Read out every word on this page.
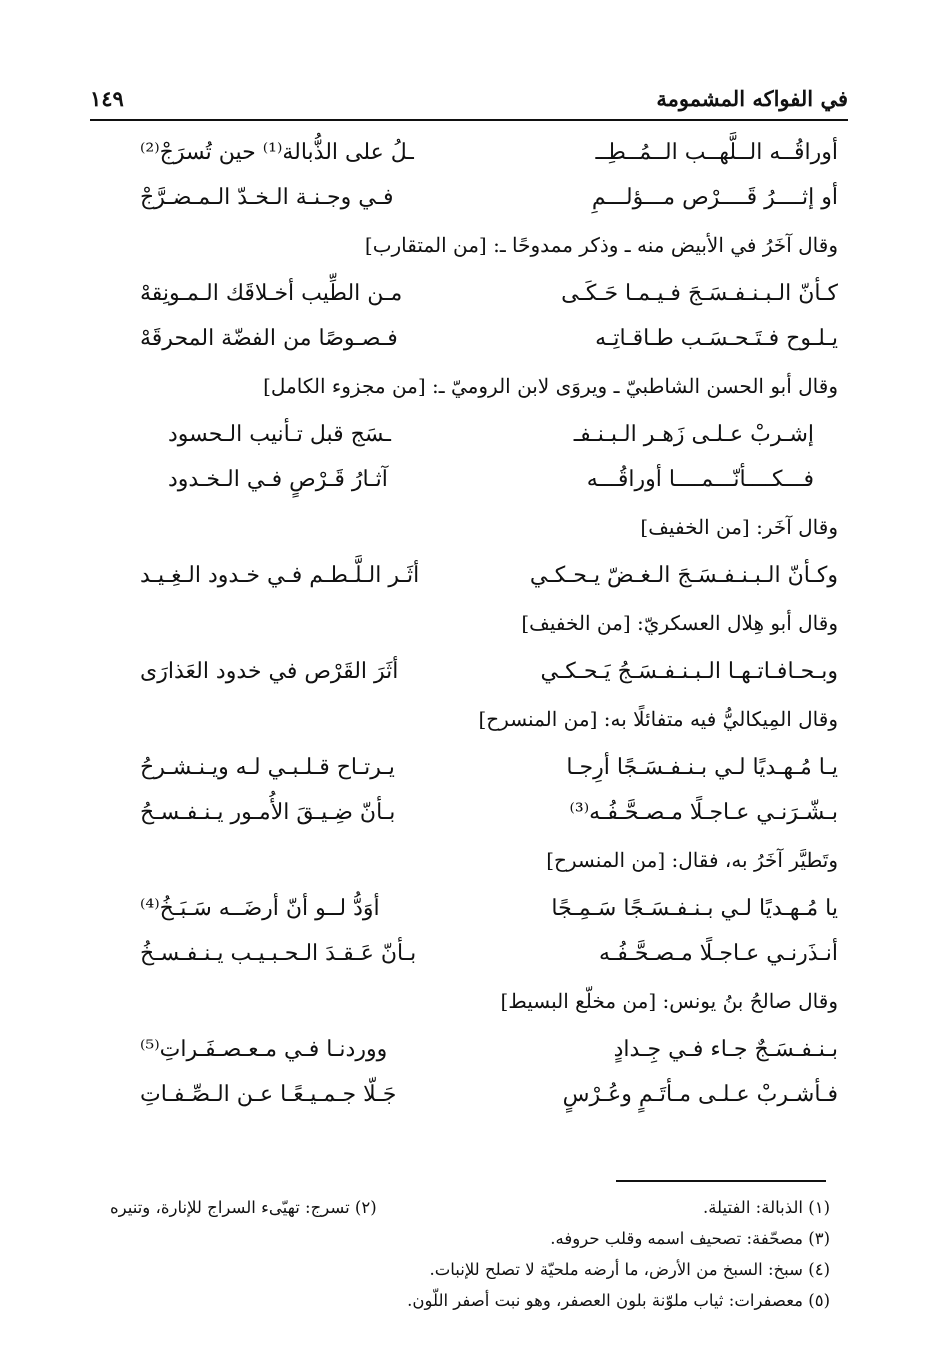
في الفواكه المشمومة
١٤٩
أوراقُــه الــلَّهــب الــمُــطِــ
ـلُ على الذُّبالة⁽¹⁾ حين تُسرَجْ⁽²⁾
أو إثــــرُ قَــــرْص مـــؤلـــمِ
فـي وجـنـة الـخـدّ الـمـضـرَّجْ
وقال آخَرُ في الأبيض منه ـ وذكر ممدوحًا ـ: [من المتقارب]
كـأنّ الـبـنـفـسَـجَ فـيـمـا حَـكَـى
مـن الطِّيب أخـلاقَك الـمـونِقهْ
يـلـوح فـتَـحـسَـب طـاقـاتِـه
فـصـوصًا من الفضّة المحرقَهْ
وقال أبو الحسن الشاطبيّ ـ ويروَى لابن الروميّ ـ: [من مجزوء الكامل]
إشـربْ عـلـى زَهـر الـبـنـفـ
ـسَج قبل تـأنيب الـحسود
فـــكــــأنّـــمــــا أوراقُـــه
آثـارُ قَـرْصٍ فـي الـخـدود
وقال آخَر: [من الخفيف]
وكـأنّ الـبـنـفـسَـجَ الـغـضّ يـحـكـي
أثَـر الـلَّـطـم فـي خـدود الـغِـيـد
وقال أبو هِلال العسكريّ: [من الخفيف]
وبـحـافـاتـهـا الـبـنـفـسَـجُ يَـحـكـي
أثَرَ القَرْص في خدود العَذارَى
وقال المِيكاليُّ فيه متفائلًا به: [من المنسرح]
يـا مُـهـديًا لـي بـنـفـسَـجًا أرِجـا
يـرتـاح قـلـبـي لـه ويـنـشـرحُ
بـشّـرَنـي عـاجـلًا مـصـحَّـفُـه⁽³⁾
بـأنّ ضِـيـقَ الأُمـور يـنـفـسـحُ
وتَطيَّر آخَرُ به، فقال: [من المنسرح]
يا مُـهـديًا لـي بـنـفـسَـجًا سَـمِـجًا
أوَدُّ لــو أنّ أرضَــه سَـبَـخُ⁽⁴⁾
أنـذَرنـي عـاجـلًا مـصـحَّـفُـه
بـأنّ عَـقـدَ الـحـبـيـب يـنـفـسـخُ
وقال صالحُ بنُ يونس: [من مخلّع البسيط]
بـنـفـسَـجٌ جـاء فـي جِـدادٍ
ووردنـا فـي مـعـصـفَـراتِ⁽⁵⁾
فـأشـربْ عـلـى مـأتَـمٍ وعُـرْسٍ
جَـلّا جـمـيـعًـا عـن الـصِّـفـاتِ
(١) الذبالة: الفتيلة.
(٢) تسرج: تهيّىء السراج للإنارة، وتنيره
(٣) مصحّفة: تصحيف اسمه وقلب حروفه.
(٤) سبخ: السبخ من الأرض، ما أرضه ملحيّة لا تصلح للإنبات.
(٥) معصفرات: ثياب ملوّنة بلون العصفر، وهو نبت أصفر اللّون.
